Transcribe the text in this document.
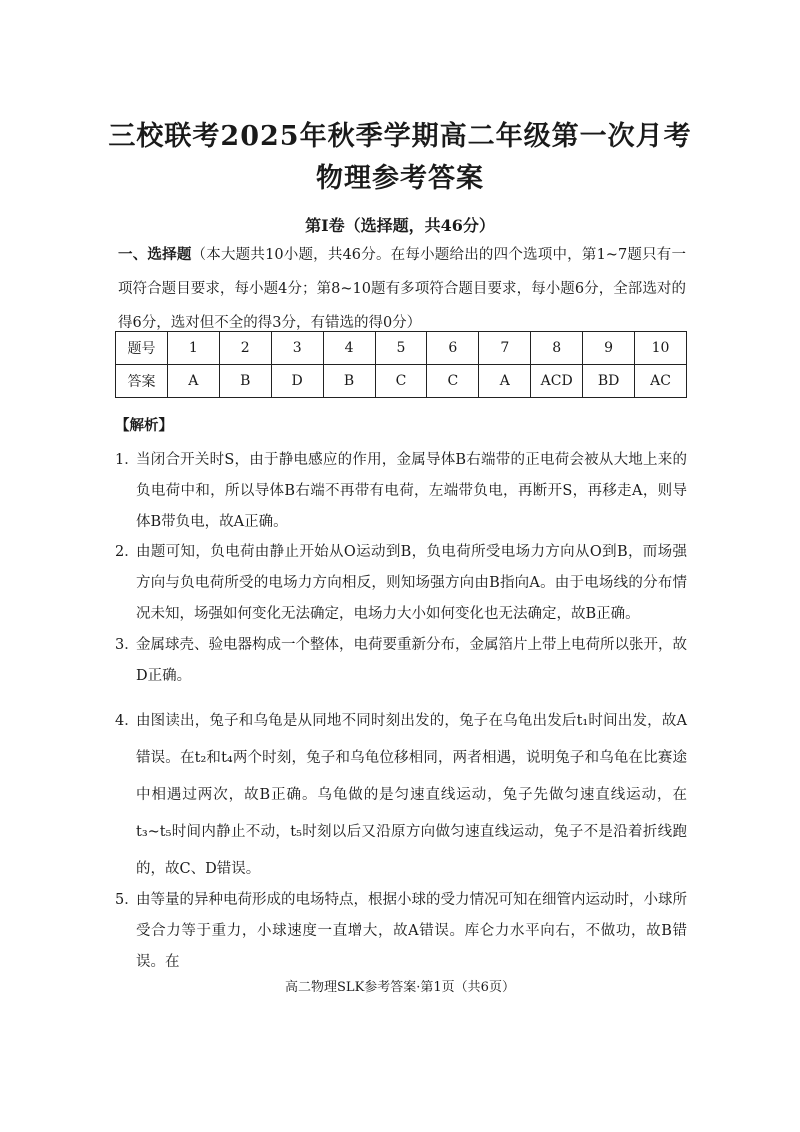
三校联考2025年秋季学期高二年级第一次月考
物理参考答案
第Ⅰ卷（选择题，共46分）
一、选择题（本大题共10小题，共46分。在每小题给出的四个选项中，第1~7题只有一项符合题目要求，每小题4分；第8~10题有多项符合题目要求，每小题6分，全部选对的得6分，选对但不全的得3分，有错选的得0分）
题号	1	2	3	4	5	6	7	8	9	10
答案	A	B	D	B	C	C	A	ACD	BD	AC
【解析】
1．
当闭合开关时S，由于静电感应的作用，金属导体B右端带的正电荷会被从大地上来的负电荷中和，所以导体B右端不再带有电荷，左端带负电，再断开S，再移走A，则导体B带负电，故A正确。
2．
由题可知，负电荷由静止开始从O运动到B，负电荷所受电场力方向从O到B，而场强方向与负电荷所受的电场力方向相反，则知场强方向由B指向A。由于电场线的分布情况未知，场强如何变化无法确定，电场力大小如何变化也无法确定，故B正确。
3．
金属球壳、验电器构成一个整体，电荷要重新分布，金属箔片上带上电荷所以张开，故D正确。
4．
由图读出，兔子和乌龟是从同地不同时刻出发的，兔子在乌龟出发后t₁时间出发，故A错误。在t₂和t₄两个时刻，兔子和乌龟位移相同，两者相遇，说明兔子和乌龟在比赛途中相遇过两次，故B正确。乌龟做的是匀速直线运动，兔子先做匀速直线运动，在t₃~t₅时间内静止不动，t₅时刻以后又沿原方向做匀速直线运动，兔子不是沿着折线跑的，故C、D错误。
5．
由等量的异种电荷形成的电场特点，根据小球的受力情况可知在细管内运动时，小球所受合力等于重力，小球速度一直增大，故A错误。库仑力水平向右，不做功，故B错误。在
高二物理SLK参考答案·第1页（共6页）
